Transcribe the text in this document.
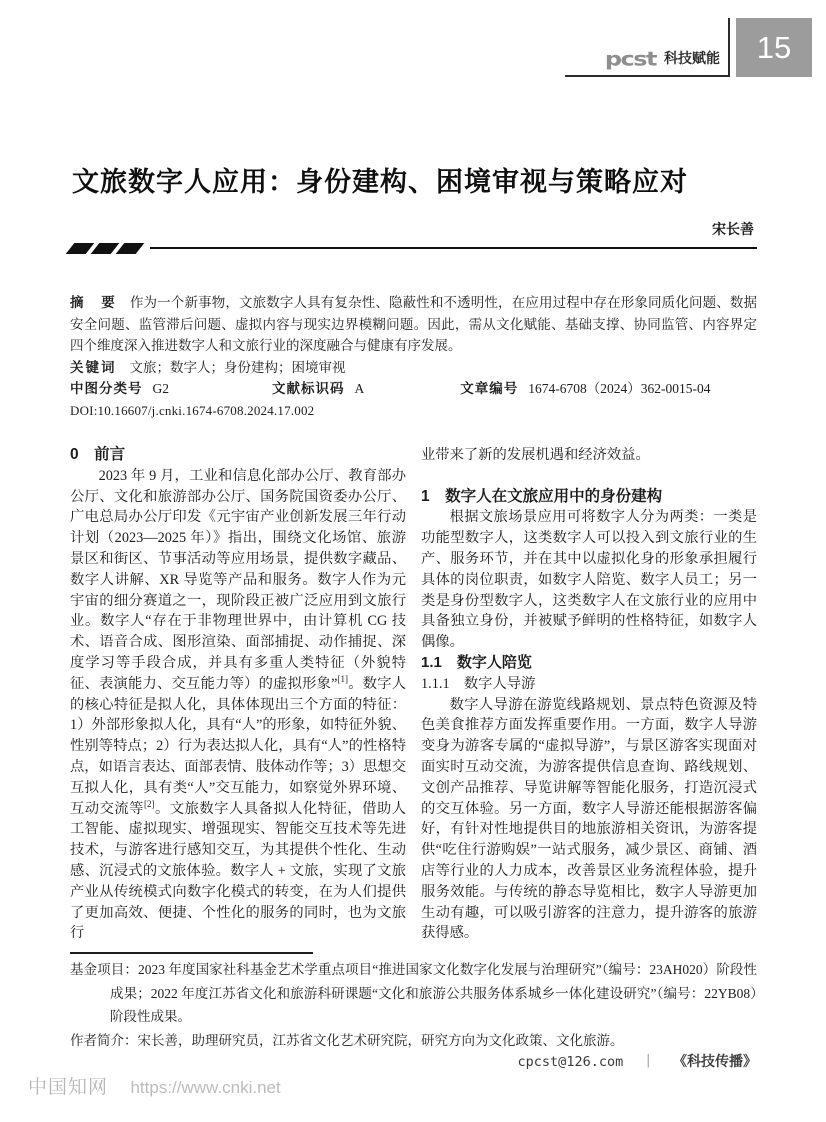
pcst 科技赋能 15
文旅数字人应用：身份建构、困境审视与策略应对
宋长善

摘　要 作为一个新事物，文旅数字人具有复杂性、隐蔽性和不透明性，在应用过程中存在形象同质化问题、数据安全问题、监管滞后问题、虚拟内容与现实边界模糊问题。因此，需从文化赋能、基础支撑、协同监管、内容界定四个维度深入推进数字人和文旅行业的深度融合与健康有序发展。

关键词 文旅；数字人；身份建构；困境审视

中图分类号 G2	文献标识码 A	文章编号 1674-6708（2024）362-0015-04

DOI:10.16607/j.cnki.1674-6708.2024.17.002

0　前言

2023 年 9 月，工业和信息化部办公厅、教育部办公厅、文化和旅游部办公厅、国务院国资委办公厅、广电总局办公厅印发《元宇宙产业创新发展三年行动计划（2023—2025 年）》指出，围绕文化场馆、旅游景区和街区、节事活动等应用场景，提供数字藏品、数字人讲解、XR 导览等产品和服务。数字人作为元宇宙的细分赛道之一，现阶段正被广泛应用到文旅行业。数字人“存在于非物理世界中，由计算机 CG 技术、语音合成、图形渲染、面部捕捉、动作捕捉、深度学习等手段合成，并具有多重人类特征（外貌特征、表演能力、交互能力等）的虚拟形象”[1]。数字人的核心特征是拟人化，具体体现出三个方面的特征：1）外部形象拟人化，具有“人”的形象，如特征外貌、性别等特点；2）行为表达拟人化，具有“人”的性格特点，如语言表达、面部表情、肢体动作等；3）思想交互拟人化，具有类“人”交互能力，如察觉外界环境、互动交流等[2]。文旅数字人具备拟人化特征，借助人工智能、虚拟现实、增强现实、智能交互技术等先进技术，与游客进行感知交互，为其提供个性化、生动感、沉浸式的文旅体验。数字人 + 文旅，实现了文旅产业从传统模式向数字化模式的转变，在为人们提供了更加高效、便捷、个性化的服务的同时，也为文旅行

业带来了新的发展机遇和经济效益。

1　数字人在文旅应用中的身份建构

根据文旅场景应用可将数字人分为两类：一类是功能型数字人，这类数字人可以投入到文旅行业的生产、服务环节，并在其中以虚拟化身的形象承担履行具体的岗位职责，如数字人陪览、数字人员工；另一类是身份型数字人，这类数字人在文旅行业的应用中具备独立身份，并被赋予鲜明的性格特征，如数字人偶像。

1.1　数字人陪览
1.1.1　数字人导游

数字人导游在游览线路规划、景点特色资源及特色美食推荐方面发挥重要作用。一方面，数字人导游变身为游客专属的“虚拟导游”，与景区游客实现面对面实时互动交流，为游客提供信息查询、路线规划、文创产品推荐、导览讲解等智能化服务，打造沉浸式的交互体验。另一方面，数字人导游还能根据游客偏好，有针对性地提供目的地旅游相关资讯，为游客提供“吃住行游购娱”一站式服务，减少景区、商铺、酒店等行业的人力成本，改善景区业务流程体验，提升服务效能。与传统的静态导览相比，数字人导游更加生动有趣，可以吸引游客的注意力，提升游客的旅游获得感。

基金项目：2023 年度国家社科基金艺术学重点项目“推进国家文化数字化发展与治理研究”（编号：23AH020）阶段性成果；2022 年度江苏省文化和旅游科研课题“文化和旅游公共服务体系城乡一体化建设研究”（编号：22YB08）阶段性成果。

作者简介：宋长善，助理研究员，江苏省文化艺术研究院，研究方向为文化政策、文化旅游。

cpcst@126.com ｜ 《科技传播》
中国知网 https://www.cnki.net
